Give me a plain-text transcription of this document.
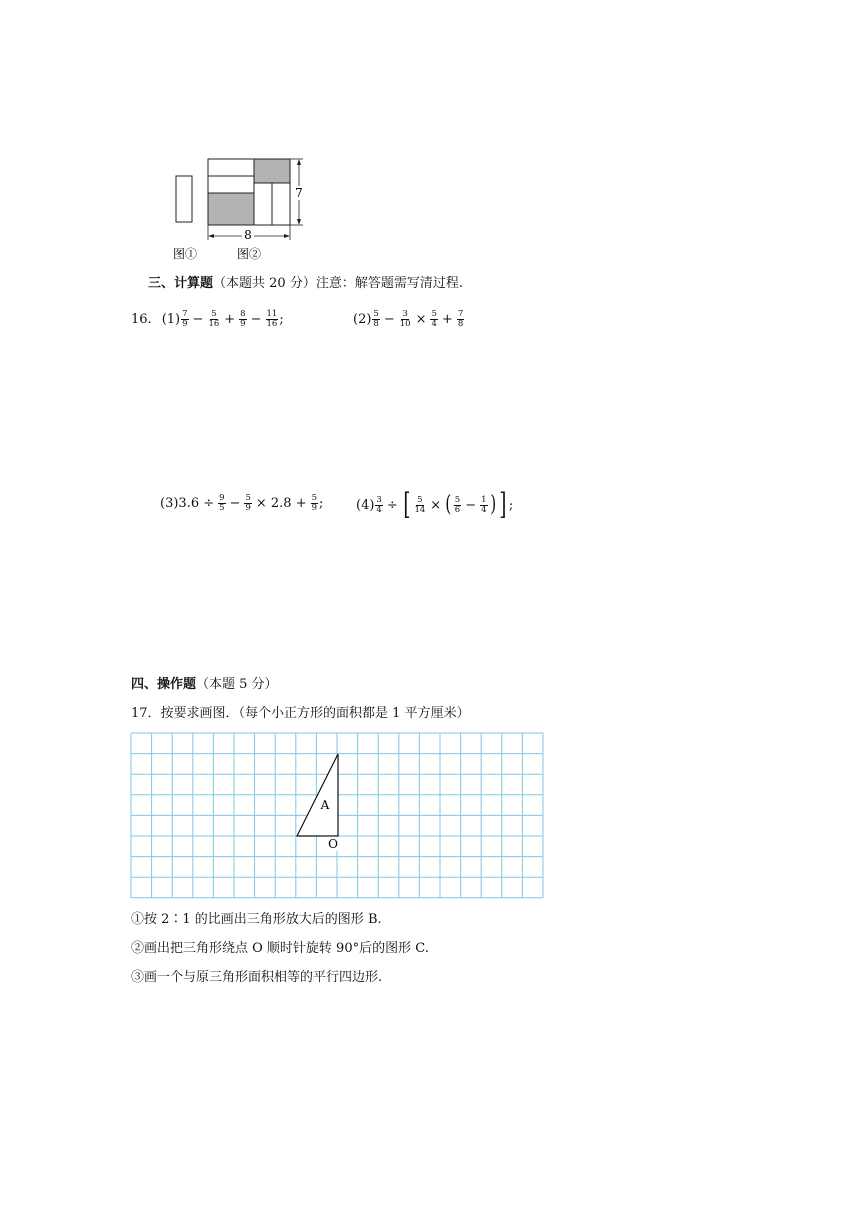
8
7
图①	图②
三、计算题（本题共 20 分）注意：解答题需写清过程.
16. $(1) \frac{7}{9} - \frac{5}{16} + \frac{8}{9} - \frac{11}{16}$ ;	$(2) \frac{5}{8} - \frac{3}{10} \times \frac{5}{4} + \frac{7}{8}$
(3) $3.6 \div \frac{9}{5} - \frac{5}{9} \times 2.8 + \frac{5}{9}$ ;	$(4) \frac{3}{4}$ ÷ [ $\frac{5}{14}$ × ( $\frac{5}{6} - \frac{1}{4}$ ) ] ;
四、操作题（本题 5 分）
17．按要求画图．（每个小正方形的面积都是 1 平方厘米）
A
O
①按 2∶1 的比画出三角形放大后的图形 B.
②画出把三角形绕点 O 顺时针旋转 90°后的图形 C.
③画一个与原三角形面积相等的平行四边形.
